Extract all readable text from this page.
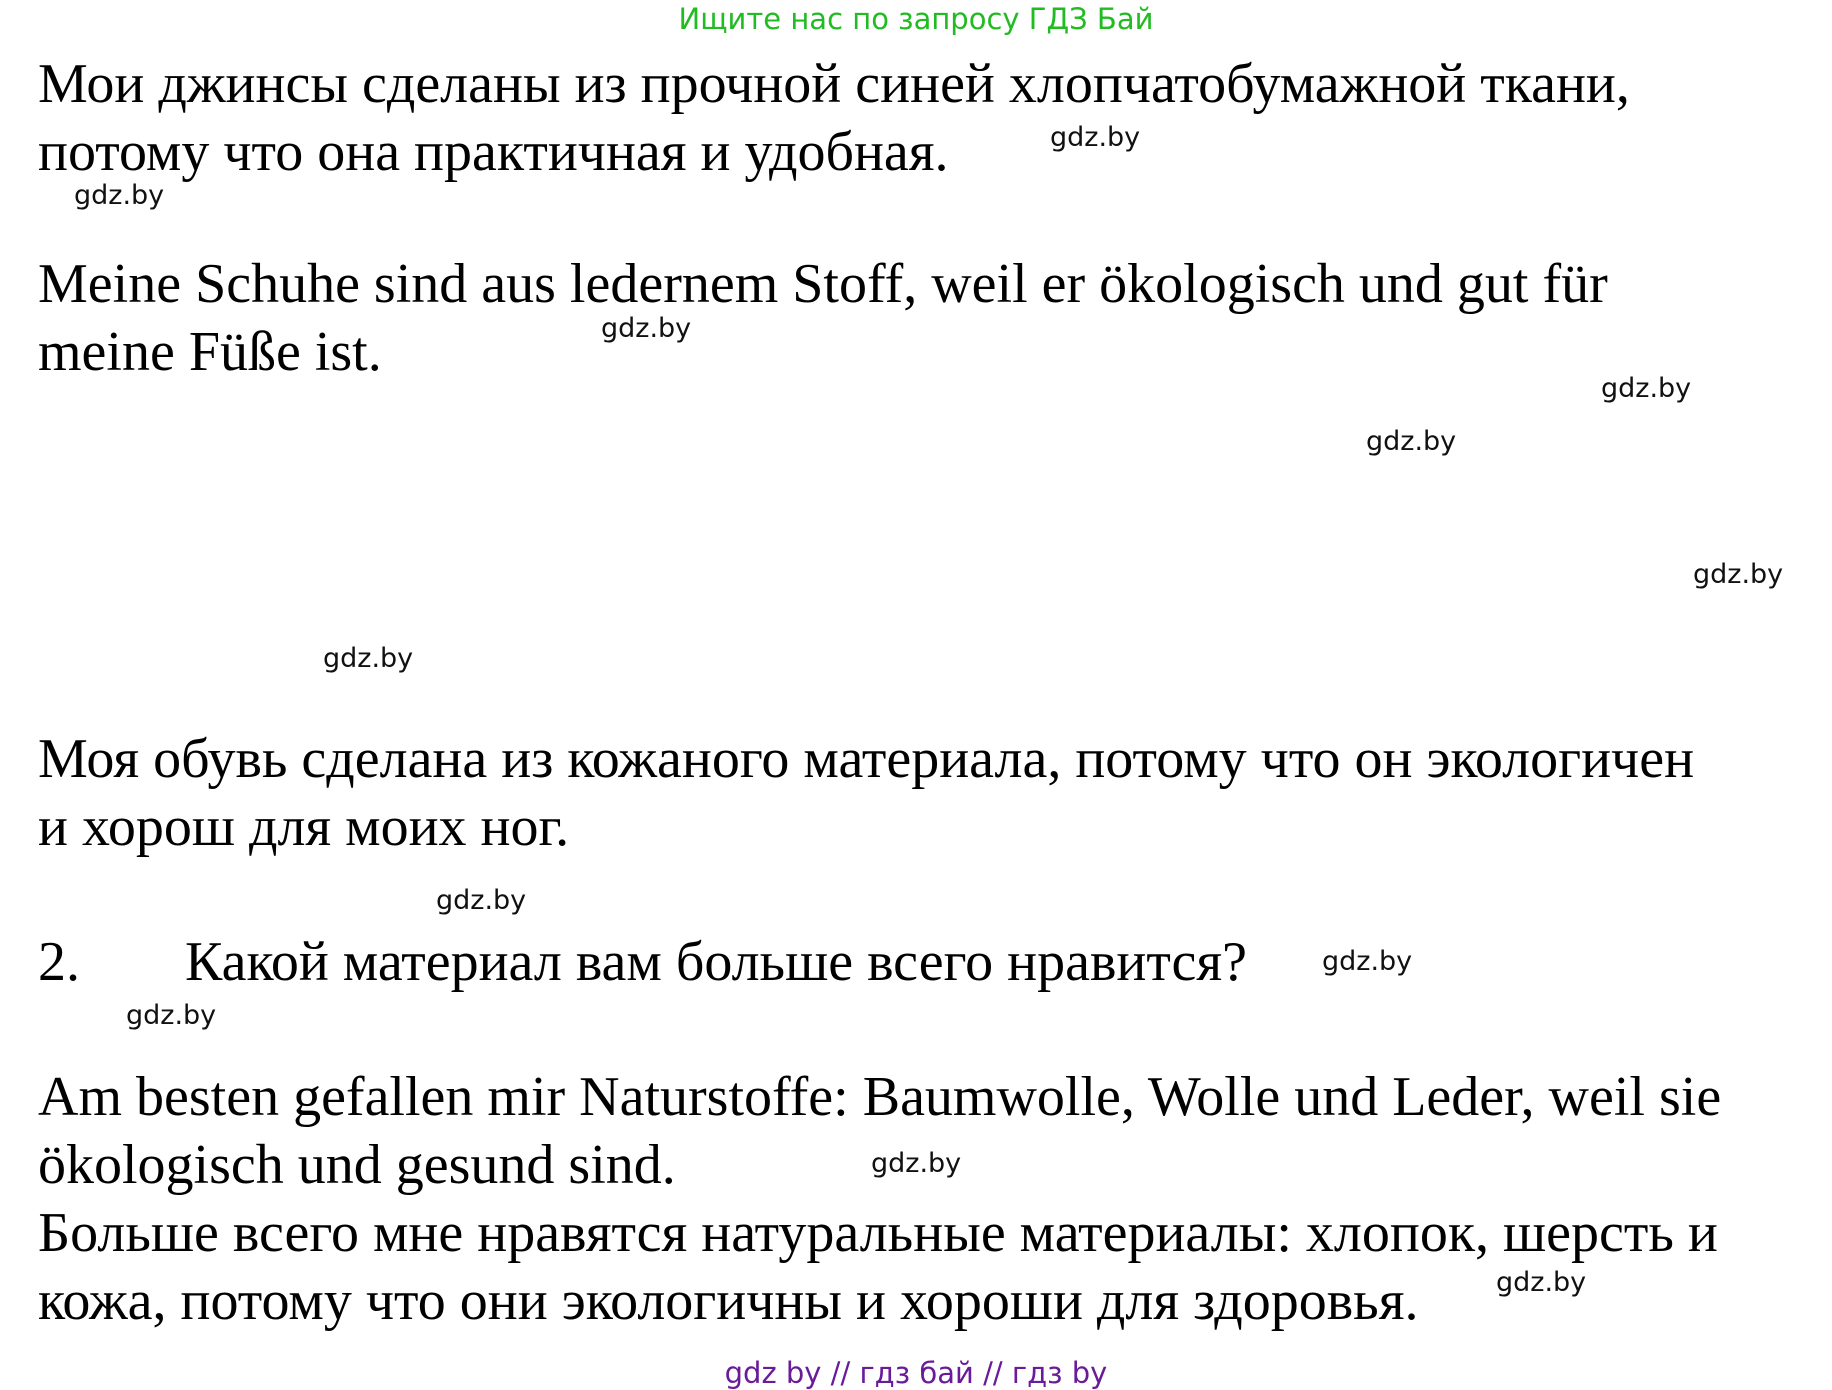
Ищите нас по запросу ГДЗ Бай
Мои джинсы сделаны из прочной синей хлопчатобумажной ткани,
потому что она практичная и удобная.
Meine Schuhe sind aus ledernem Stoff, weil er ökologisch und gut für
meine Füße ist.
Моя обувь сделана из кожаного материала, потому что он экологичен
и хорош для моих ног.
2. Какой материал вам больше всего нравится?
Am besten gefallen mir Naturstoffe: Baumwolle, Wolle und Leder, weil sie
ökologisch und gesund sind.
Больше всего мне нравятся натуральные материалы: хлопок, шерсть и
кожа, потому что они экологичны и хороши для здоровья.
gdz.by
gdz.by
gdz.by
gdz.by
gdz.by
gdz.by
gdz.by
gdz.by
gdz.by
gdz.by
gdz.by
gdz.by
gdz by // гдз бай // гдз by
